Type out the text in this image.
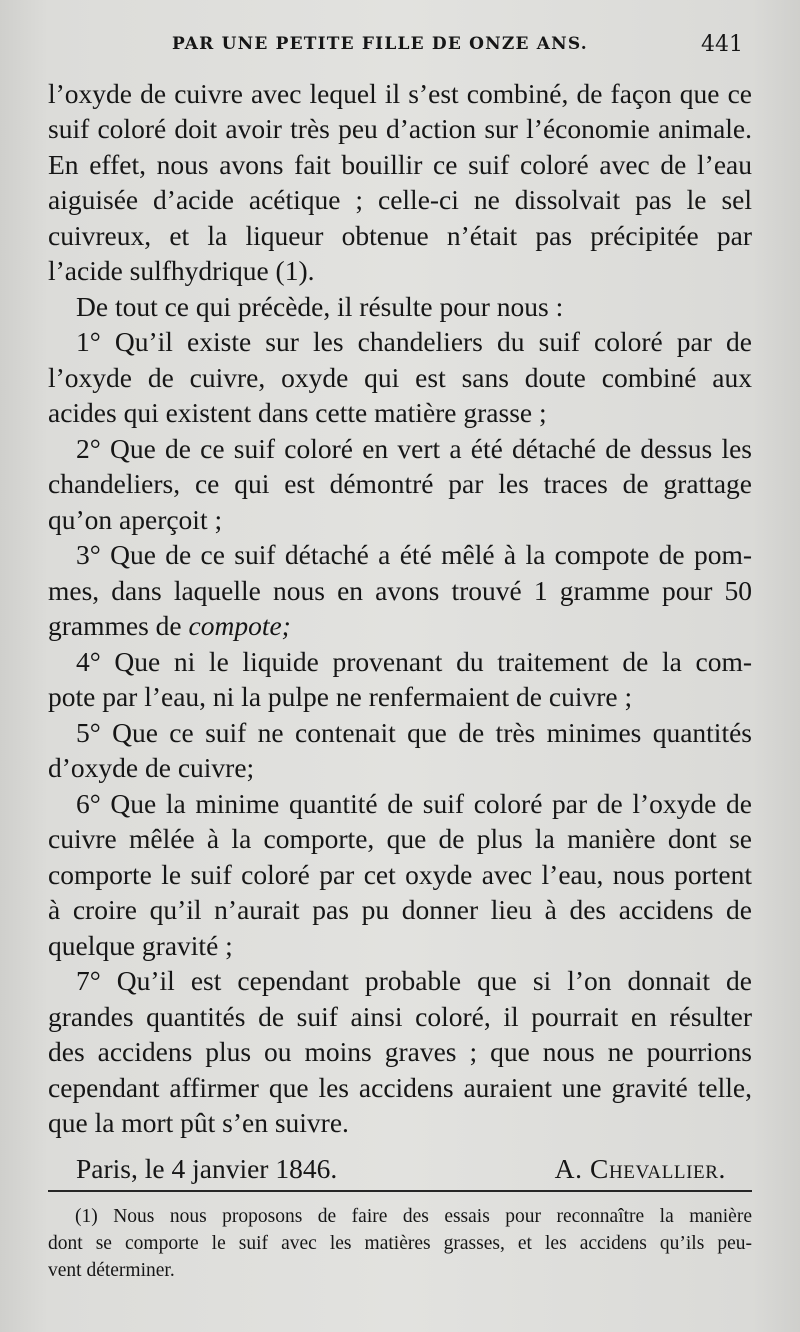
PAR UNE PETITE FILLE DE ONZE ANS.	441
l’oxyde de cuivre avec lequel il s’est combiné, de façon que ce
suif coloré doit avoir très peu d’action sur l’économie animale.
En effet, nous avons fait bouillir ce suif coloré avec de l’eau
aiguisée d’acide acétique ; celle-ci ne dissolvait pas le sel
cuivreux, et la liqueur obtenue n’était pas précipitée par
l’acide sulfhydrique (1).
De tout ce qui précède, il résulte pour nous :
1° Qu’il existe sur les chandeliers du suif coloré par de
l’oxyde de cuivre, oxyde qui est sans doute combiné aux
acides qui existent dans cette matière grasse ;
2° Que de ce suif coloré en vert a été détaché de dessus les
chandeliers, ce qui est démontré par les traces de grattage
qu’on aperçoit ;
3° Que de ce suif détaché a été mêlé à la compote de pom-
mes, dans laquelle nous en avons trouvé 1 gramme pour 50
grammes de compote;
4° Que ni le liquide provenant du traitement de la com-
pote par l’eau, ni la pulpe ne renfermaient de cuivre ;
5° Que ce suif ne contenait que de très minimes quantités
d’oxyde de cuivre;
6° Que la minime quantité de suif coloré par de l’oxyde de
cuivre mêlée à la comporte, que de plus la manière dont se
comporte le suif coloré par cet oxyde avec l’eau, nous portent
à croire qu’il n’aurait pas pu donner lieu à des accidens de
quelque gravité ;
7° Qu’il est cependant probable que si l’on donnait de
grandes quantités de suif ainsi coloré, il pourrait en résulter
des accidens plus ou moins graves ; que nous ne pourrions
cependant affirmer que les accidens auraient une gravité telle,
que la mort pût s’en suivre.
Paris, le 4 janvier 1846.	A. Chevallier.
(1) Nous nous proposons de faire des essais pour reconnaître la manière
dont se comporte le suif avec les matières grasses, et les accidens qu’ils peu-
vent déterminer.
